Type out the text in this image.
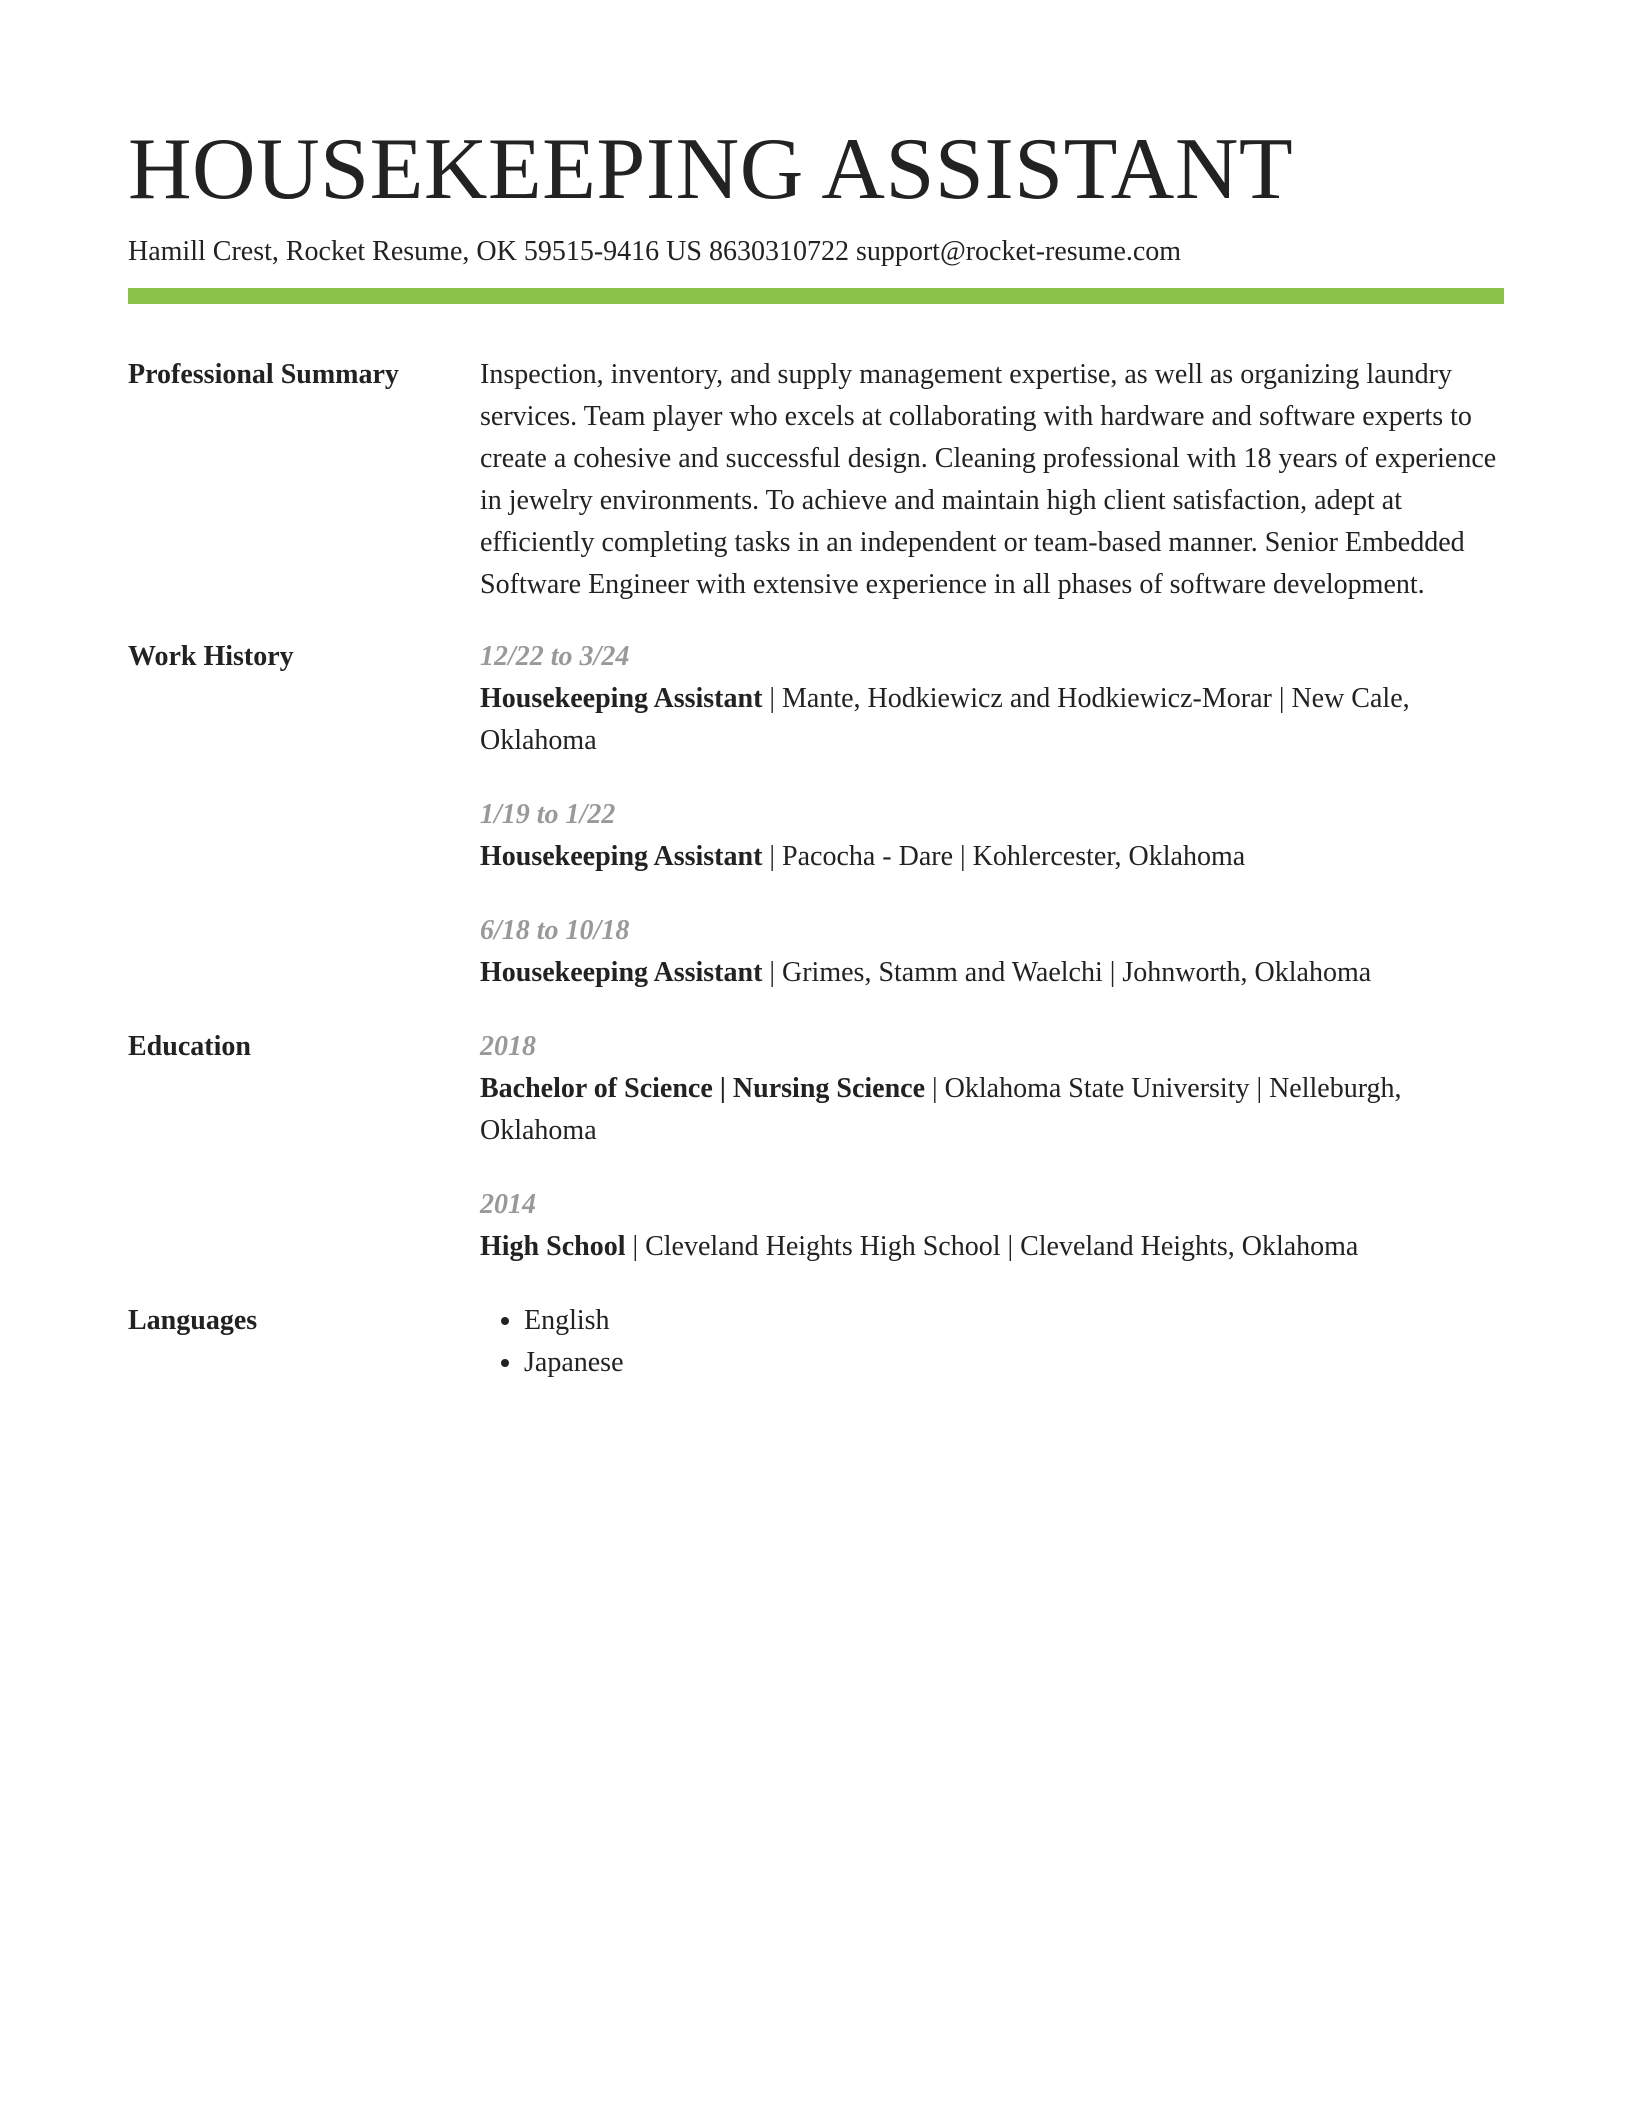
HOUSEKEEPING ASSISTANT
Hamill Crest, Rocket Resume, OK 59515-9416 US 8630310722 support@rocket-resume.com
Professional Summary	Inspection, inventory, and supply management expertise, as well as organizing laundry services. Team player who excels at collaborating with hardware and software experts to create a cohesive and successful design. Cleaning professional with 18 years of experience in jewelry environments. To achieve and maintain high client satisfaction, adept at efficiently completing tasks in an independent or team-based manner. Senior Embedded Software Engineer with extensive experience in all phases of software development.

Work History	12/22 to 3/24
Housekeeping Assistant | Mante, Hodkiewicz and Hodkiewicz-Morar | New Cale, Oklahoma
1/19 to 1/22
Housekeeping Assistant | Pacocha - Dare | Kohlercester, Oklahoma
6/18 to 10/18
Housekeeping Assistant | Grimes, Stamm and Waelchi | Johnworth, Oklahoma
Education	2018
Bachelor of Science | Nursing Science | Oklahoma State University | Nelleburgh, Oklahoma
2014
High School | Cleveland Heights High School | Cleveland Heights, Oklahoma
Languages
•	English
• Japanese
